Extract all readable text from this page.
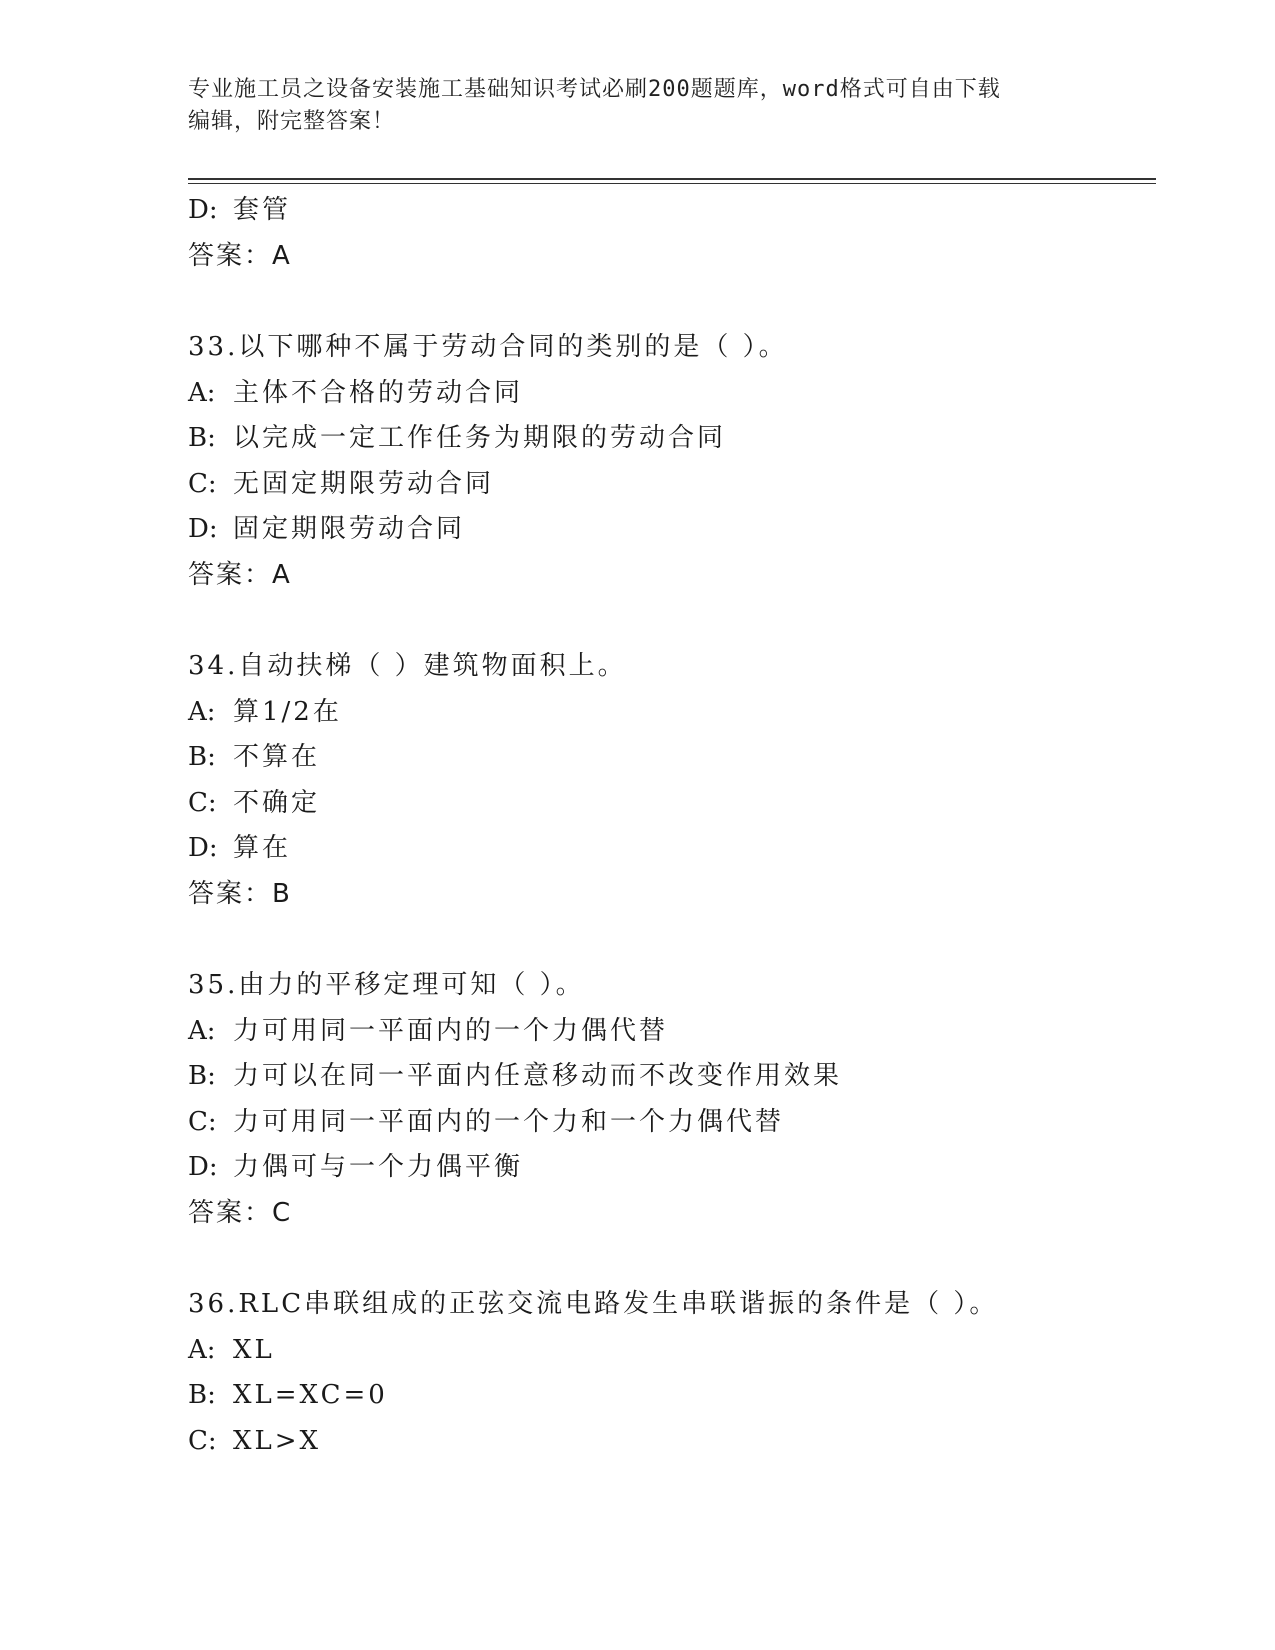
专业施工员之设备安装施工基础知识考试必刷200题题库，word格式可自由下载
编辑，附完整答案！
D: 套管
答案：A
33.以下哪种不属于劳动合同的类别的是（ ）。
A: 主体不合格的劳动合同
B: 以完成一定工作任务为期限的劳动合同
C: 无固定期限劳动合同
D: 固定期限劳动合同
答案：A
34.自动扶梯（ ）建筑物面积上。
A: 算1/2在
B: 不算在
C: 不确定
D: 算在
答案：B
35.由力的平移定理可知（ ）。
A: 力可用同一平面内的一个力偶代替
B: 力可以在同一平面内任意移动而不改变作用效果
C: 力可用同一平面内的一个力和一个力偶代替
D: 力偶可与一个力偶平衡
答案：C
36.RLC串联组成的正弦交流电路发生串联谐振的条件是（ ）。
A: XL
B: XL=XC=0
C: XL>X
